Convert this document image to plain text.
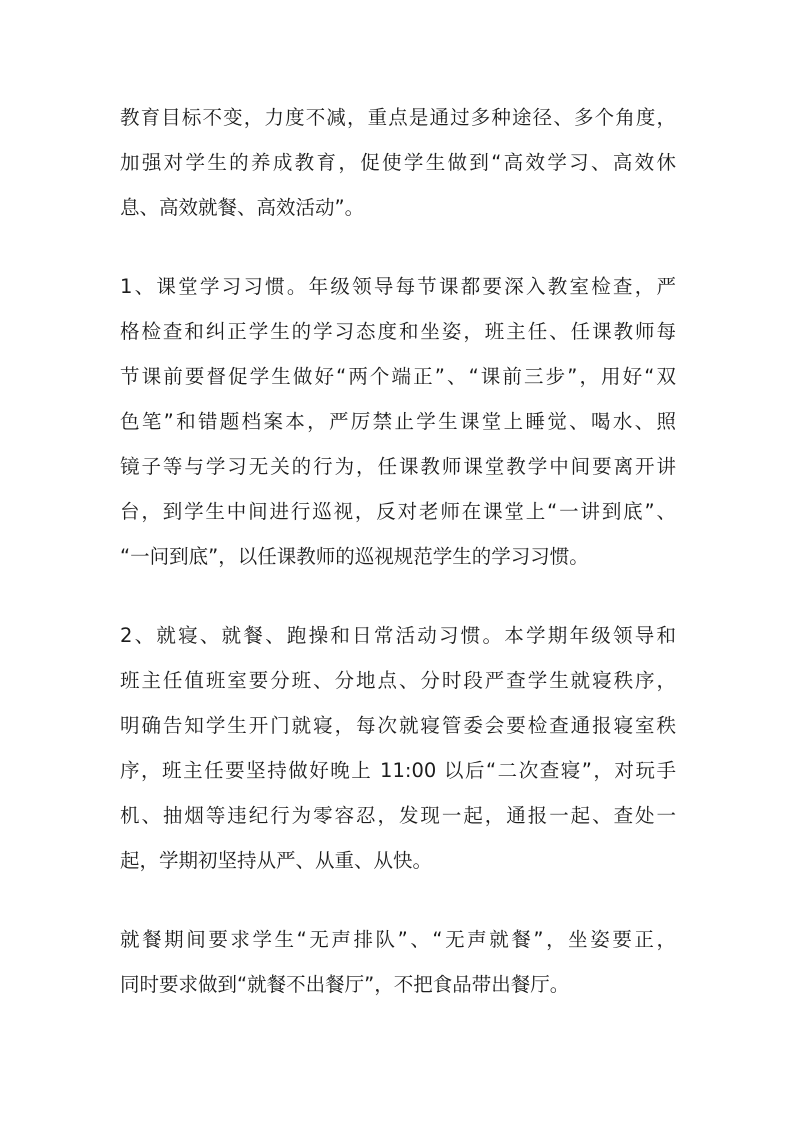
教育目标不变，力度不减，重点是通过多种途径、多个角度，

加强对学生的养成教育，促使学生做到“高效学习、高效休

息、高效就餐、高效活动”。

1、课堂学习习惯。年级领导每节课都要深入教室检查，严

格检查和纠正学生的学习态度和坐姿，班主任、任课教师每

节课前要督促学生做好“两个端正”、“课前三步”，用好“双

色笔”和错题档案本，严厉禁止学生课堂上睡觉、喝水、照

镜子等与学习无关的行为，任课教师课堂教学中间要离开讲

台，到学生中间进行巡视，反对老师在课堂上“一讲到底”、

“一问到底”，以任课教师的巡视规范学生的学习习惯。

2、就寝、就餐、跑操和日常活动习惯。本学期年级领导和

班主任值班室要分班、分地点、分时段严查学生就寝秩序，

明确告知学生开门就寝，每次就寝管委会要检查通报寝室秩

序，班主任要坚持做好晚上 11:00 以后“二次查寝”，对玩手

机、抽烟等违纪行为零容忍，发现一起，通报一起、查处一

起，学期初坚持从严、从重、从快。

就餐期间要求学生“无声排队”、“无声就餐”，坐姿要正，

同时要求做到“就餐不出餐厅”，不把食品带出餐厅。
